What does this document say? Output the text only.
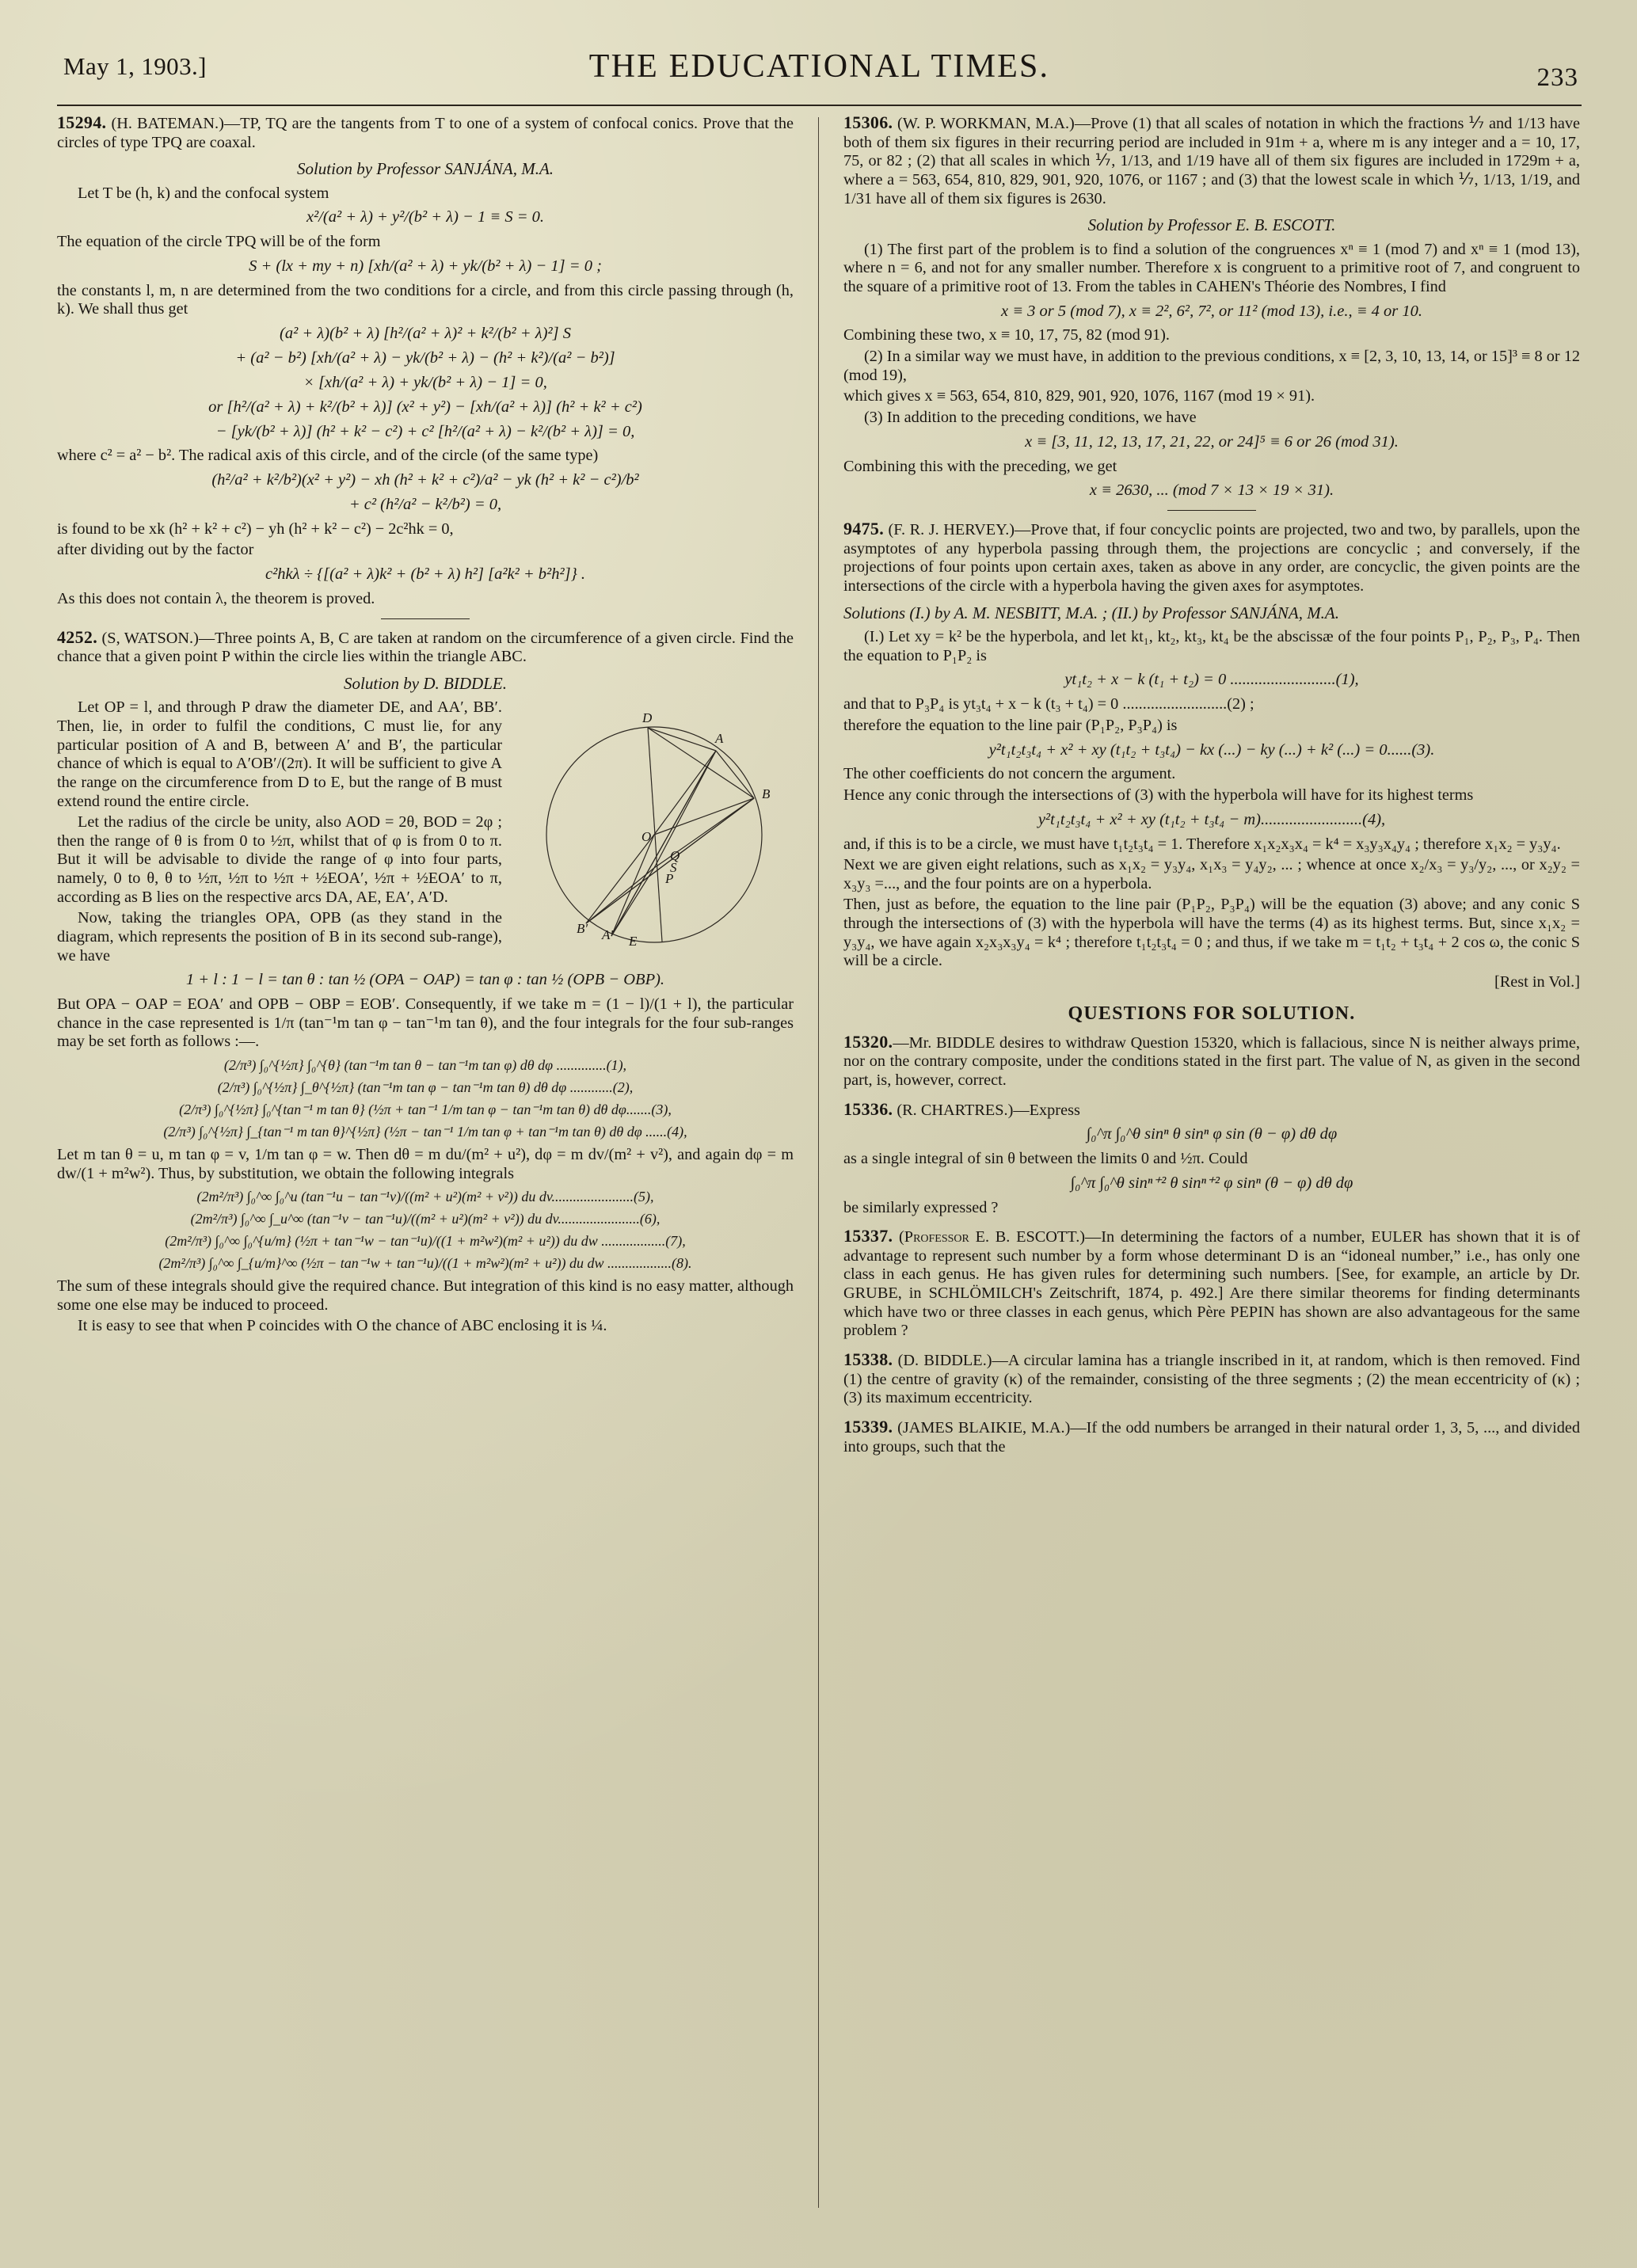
May 1, 1903.]	THE EDUCATIONAL TIMES.	233

15294. (H. BATEMAN.)—TP, TQ are the tangents from T to one of a system of confocal conics. Prove that the circles of type TPQ are coaxal.

Solution by Professor SANJÁNA, M.A.

Let T be (h, k) and the confocal system

x²/(a² + λ) + y²/(b² + λ) − 1 ≡ S = 0.

The equation of the circle TPQ will be of the form

S + (lx + my + n) [xh/(a² + λ) + yk/(b² + λ) − 1] = 0 ;

the constants l, m, n are determined from the two conditions for a circle, and from this circle passing through (h, k). We shall thus get

(a² + λ)(b² + λ) [h²/(a² + λ)² + k²/(b² + λ)²] S

+ (a² − b²) [xh/(a² + λ) − yk/(b² + λ) − (h² + k²)/(a² − b²)]

× [xh/(a² + λ) + yk/(b² + λ) − 1] = 0,

or [h²/(a² + λ) + k²/(b² + λ)] (x² + y²) − [xh/(a² + λ)] (h² + k² + c²)

− [yk/(b² + λ)] (h² + k² − c²) + c² [h²/(a² + λ) − k²/(b² + λ)] = 0,

where c² = a² − b². The radical axis of this circle, and of the circle (of the same type)

(h²/a² + k²/b²)(x² + y²) − xh (h² + k² + c²)/a² − yk (h² + k² − c²)/b²

+ c² (h²/a² − k²/b²) = 0,

is found to be xk (h² + k² + c²) − yh (h² + k² − c²) − 2c²hk = 0,

after dividing out by the factor

c²hkλ ÷ {[(a² + λ)k² + (b² + λ) h²] [a²k² + b²h²]} .

As this does not contain λ, the theorem is proved.

4252. (S, WATSON.)—Three points A, B, C are taken at random on the circumference of a given circle. Find the chance that a given point P within the circle lies within the triangle ABC.

Solution by D. BIDDLE.

D
A
B
O
Q
P
S
B′ A′ E

Let OP = l, and through P draw the diameter DE, and AA′, BB′. Then, lie, in order to fulfil the conditions, C must lie, for any particular position of A and B, between A′ and B′, the particular chance of which is equal to A′OB′/(2π). It will be sufficient to give A the range on the circumference from D to E, but the range of B must extend round the entire circle.

Let the radius of the circle be unity, also AOD = 2θ, BOD = 2φ ; then the range of θ is from 0 to ½π, whilst that of φ is from 0 to π. But it will be advisable to divide the range of φ into four parts, namely, 0 to θ, θ to ½π, ½π to ½π + ½EOA′, ½π + ½EOA′ to π, according as B lies on the respective arcs DA, AE, EA′, A′D.

Now, taking the triangles OPA, OPB (as they stand in the diagram, which represents the position of B in its second sub-range), we have

1 + l : 1 − l = tan θ : tan ½ (OPA − OAP) = tan φ : tan ½ (OPB − OBP).

But OPA − OAP = EOA′ and OPB − OBP = EOB′. Consequently, if we take m = (1 − l)/(1 + l), the particular chance in the case represented is 1/π (tan⁻¹m tan φ − tan⁻¹m tan θ), and the four integrals for the four sub-ranges may be set forth as follows :—.

(2/π³) ∫₀^{½π} ∫₀^{θ} (tan⁻¹m tan θ − tan⁻¹m tan φ) dθ dφ ..............(1),

(2/π³) ∫₀^{½π} ∫_θ^{½π} (tan⁻¹m tan φ − tan⁻¹m tan θ) dθ dφ ............(2),

(2/π³) ∫₀^{½π} ∫₀^{tan⁻¹ m tan θ} (½π + tan⁻¹ 1/m tan φ − tan⁻¹m tan θ) dθ dφ.......(3),

(2/π³) ∫₀^{½π} ∫_{tan⁻¹ m tan θ}^{½π} (½π − tan⁻¹ 1/m tan φ + tan⁻¹m tan θ) dθ dφ ......(4),

Let m tan θ = u, m tan φ = v, 1/m tan φ = w. Then dθ = m du/(m² + u²), dφ = m dv/(m² + v²), and again dφ = m dw/(1 + m²w²). Thus, by substitution, we obtain the following integrals

(2m²/π³) ∫₀^∞ ∫₀^u (tan⁻¹u − tan⁻¹v)/((m² + u²)(m² + v²)) du dv.......................(5),

(2m²/π³) ∫₀^∞ ∫_u^∞ (tan⁻¹v − tan⁻¹u)/((m² + u²)(m² + v²)) du dv.......................(6),

(2m²/π³) ∫₀^∞ ∫₀^{u/m} (½π + tan⁻¹w − tan⁻¹u)/((1 + m²w²)(m² + u²)) du dw ..................(7),

(2m²/π³) ∫₀^∞ ∫_{u/m}^∞ (½π − tan⁻¹w + tan⁻¹u)/((1 + m²w²)(m² + u²)) du dw ..................(8).

The sum of these integrals should give the required chance. But integration of this kind is no easy matter, although some one else may be induced to proceed.

It is easy to see that when P coincides with O the chance of ABC enclosing it is ¼.

15306. (W. P. WORKMAN, M.A.)—Prove (1) that all scales of notation in which the fractions ⅐ and 1/13 have both of them six figures in their recurring period are included in 91m + a, where m is any integer and a = 10, 17, 75, or 82 ; (2) that all scales in which ⅐, 1/13, and 1/19 have all of them six figures are included in 1729m + a, where a = 563, 654, 810, 829, 901, 920, 1076, or 1167 ; and (3) that the lowest scale in which ⅐, 1/13, 1/19, and 1/31 have all of them six figures is 2630.

Solution by Professor E. B. ESCOTT.

(1) The first part of the problem is to find a solution of the congruences xⁿ ≡ 1 (mod 7) and xⁿ ≡ 1 (mod 13), where n = 6, and not for any smaller number. Therefore x is congruent to a primitive root of 7, and congruent to the square of a primitive root of 13. From the tables in CAHEN's Théorie des Nombres, I find

x ≡ 3 or 5 (mod 7), x ≡ 2², 6², 7², or 11² (mod 13), i.e., ≡ 4 or 10.

Combining these two, x ≡ 10, 17, 75, 82 (mod 91).

(2) In a similar way we must have, in addition to the previous conditions, x ≡ [2, 3, 10, 13, 14, or 15]³ ≡ 8 or 12 (mod 19),

which gives x ≡ 563, 654, 810, 829, 901, 920, 1076, 1167 (mod 19 × 91).

(3) In addition to the preceding conditions, we have

x ≡ [3, 11, 12, 13, 17, 21, 22, or 24]⁵ ≡ 6 or 26 (mod 31).

Combining this with the preceding, we get

x ≡ 2630, ... (mod 7 × 13 × 19 × 31).

9475. (F. R. J. HERVEY.)—Prove that, if four concyclic points are projected, two and two, by parallels, upon the asymptotes of any hyperbola passing through them, the projections are concyclic ; and conversely, if the projections of four points upon certain axes, taken as above in any order, are concyclic, the given points are the intersections of the circle with a hyperbola having the given axes for asymptotes.

Solutions (I.) by A. M. NESBITT, M.A. ; (II.) by Professor SANJÁNA, M.A.

(I.) Let xy = k² be the hyperbola, and let kt₁, kt₂, kt₃, kt₄ be the abscissæ of the four points P₁, P₂, P₃, P₄. Then the equation to P₁P₂ is

yt₁t₂ + x − k (t₁ + t₂) = 0 ..........................(1),

and that to P₃P₄ is yt₃t₄ + x − k (t₃ + t₄) = 0 ..........................(2) ;

therefore the equation to the line pair (P₁P₂, P₃P₄) is

y²t₁t₂t₃t₄ + x² + xy (t₁t₂ + t₃t₄) − kx (...) − ky (...) + k² (...) = 0......(3).

The other coefficients do not concern the argument.

Hence any conic through the intersections of (3) with the hyperbola will have for its highest terms

y²t₁t₂t₃t₄ + x² + xy (t₁t₂ + t₃t₄ − m).........................(4),

and, if this is to be a circle, we must have t₁t₂t₃t₄ = 1. Therefore x₁x₂x₃x₄ = k⁴ = x₃y₃x₄y₄ ; therefore x₁x₂ = y₃y₄.

Next we are given eight relations, such as x₁x₂ = y₃y₄, x₁x₃ = y₄y₂, ... ; whence at once x₂/x₃ = y₃/y₂, ..., or x₂y₂ = x₃y₃ =..., and the four points are on a hyperbola.

Then, just as before, the equation to the line pair (P₁P₂, P₃P₄) will be the equation (3) above; and any conic S through the intersections of (3) with the hyperbola will have the terms (4) as its highest terms. But, since x₁x₂ = y₃y₄, we have again x₂x₃x₃y₄ = k⁴ ; therefore t₁t₂t₃t₄ = 0 ; and thus, if we take m = t₁t₂ + t₃t₄ + 2 cos ω, the conic S will be a circle.

[Rest in Vol.]

QUESTIONS FOR SOLUTION.

15320.—Mr. BIDDLE desires to withdraw Question 15320, which is fallacious, since N is neither always prime, nor on the contrary composite, under the conditions stated in the first part. The value of N, as given in the second part, is, however, correct.

15336. (R. CHARTRES.)—Express

∫₀^π ∫₀^θ sinⁿ θ sinⁿ φ sin (θ − φ) dθ dφ

as a single integral of sin θ between the limits 0 and ½π. Could

∫₀^π ∫₀^θ sinⁿ⁺² θ sinⁿ⁺² φ sinⁿ (θ − φ) dθ dφ

be similarly expressed ?

15337. (Professor E. B. ESCOTT.)—In determining the factors of a number, EULER has shown that it is of advantage to represent such number by a form whose determinant D is an “idoneal number,” i.e., has only one class in each genus. He has given rules for determining such numbers. [See, for example, an article by Dr. GRUBE, in SCHLÖMILCH's Zeitschrift, 1874, p. 492.] Are there similar theorems for finding determinants which have two or three classes in each genus, which Père PEPIN has shown are also advantageous for the same problem ?

15338. (D. BIDDLE.)—A circular lamina has a triangle inscribed in it, at random, which is then removed. Find (1) the centre of gravity (κ) of the remainder, consisting of the three segments ; (2) the mean eccentricity of (κ) ; (3) its maximum eccentricity.

15339. (JAMES BLAIKIE, M.A.)—If the odd numbers be arranged in their natural order 1, 3, 5, ..., and divided into groups, such that the
